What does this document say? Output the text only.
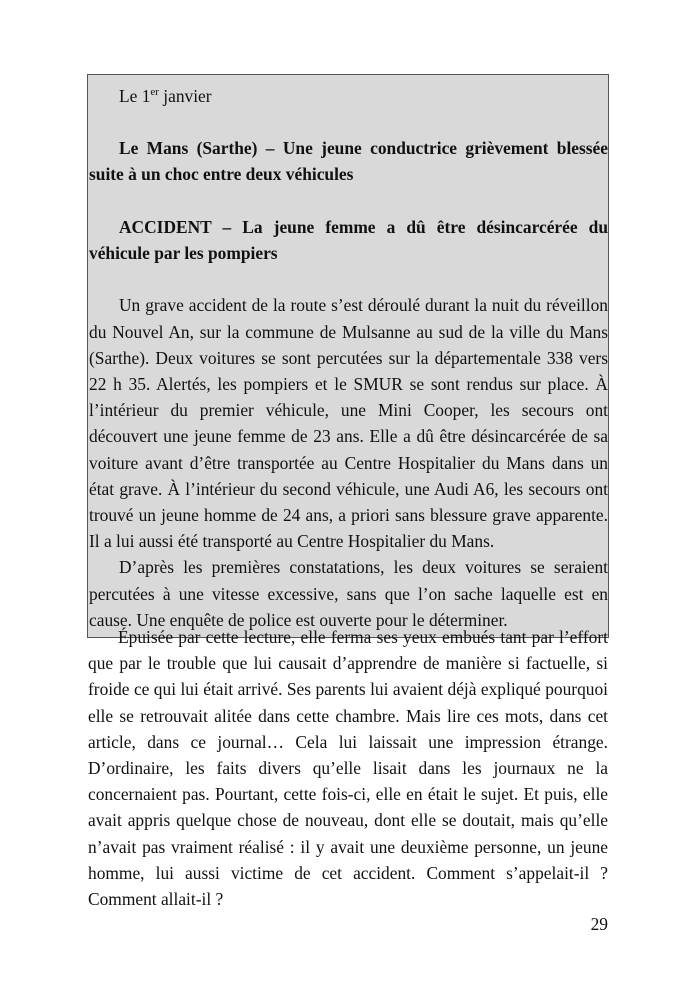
Le 1er janvier

Le Mans (Sarthe) – Une jeune conductrice grièvement blessée suite à un choc entre deux véhicules

ACCIDENT – La jeune femme a dû être désincarcérée du véhicule par les pompiers

Un grave accident de la route s’est déroulé durant la nuit du réveillon du Nouvel An, sur la commune de Mulsanne au sud de la ville du Mans (Sarthe). Deux voitures se sont percutées sur la départementale 338 vers 22 h 35. Alertés, les pompiers et le SMUR se sont rendus sur place. À l’intérieur du premier véhicule, une Mini Cooper, les secours ont découvert une jeune femme de 23 ans. Elle a dû être désincarcérée de sa voiture avant d’être transportée au Centre Hospitalier du Mans dans un état grave. À l’intérieur du second véhicule, une Audi A6, les secours ont trouvé un jeune homme de 24 ans, a priori sans blessure grave apparente. Il a lui aussi été transporté au Centre Hospitalier du Mans.

D’après les premières constatations, les deux voitures se seraient percutées à une vitesse excessive, sans que l’on sache laquelle est en cause. Une enquête de police est ouverte pour le déterminer.

Épuisée par cette lecture, elle ferma ses yeux embués tant par l’effort que par le trouble que lui causait d’apprendre de manière si factuelle, si froide ce qui lui était arrivé. Ses parents lui avaient déjà expliqué pourquoi elle se retrouvait alitée dans cette chambre. Mais lire ces mots, dans cet article, dans ce journal… Cela lui laissait une impression étrange. D’ordinaire, les faits divers qu’elle lisait dans les journaux ne la concernaient pas. Pourtant, cette fois-ci, elle en était le sujet. Et puis, elle avait appris quelque chose de nouveau, dont elle se doutait, mais qu’elle n’avait pas vraiment réalisé : il y avait une deuxième personne, un jeune homme, lui aussi victime de cet accident. Comment s’appelait-il ? Comment allait-il ?

29
